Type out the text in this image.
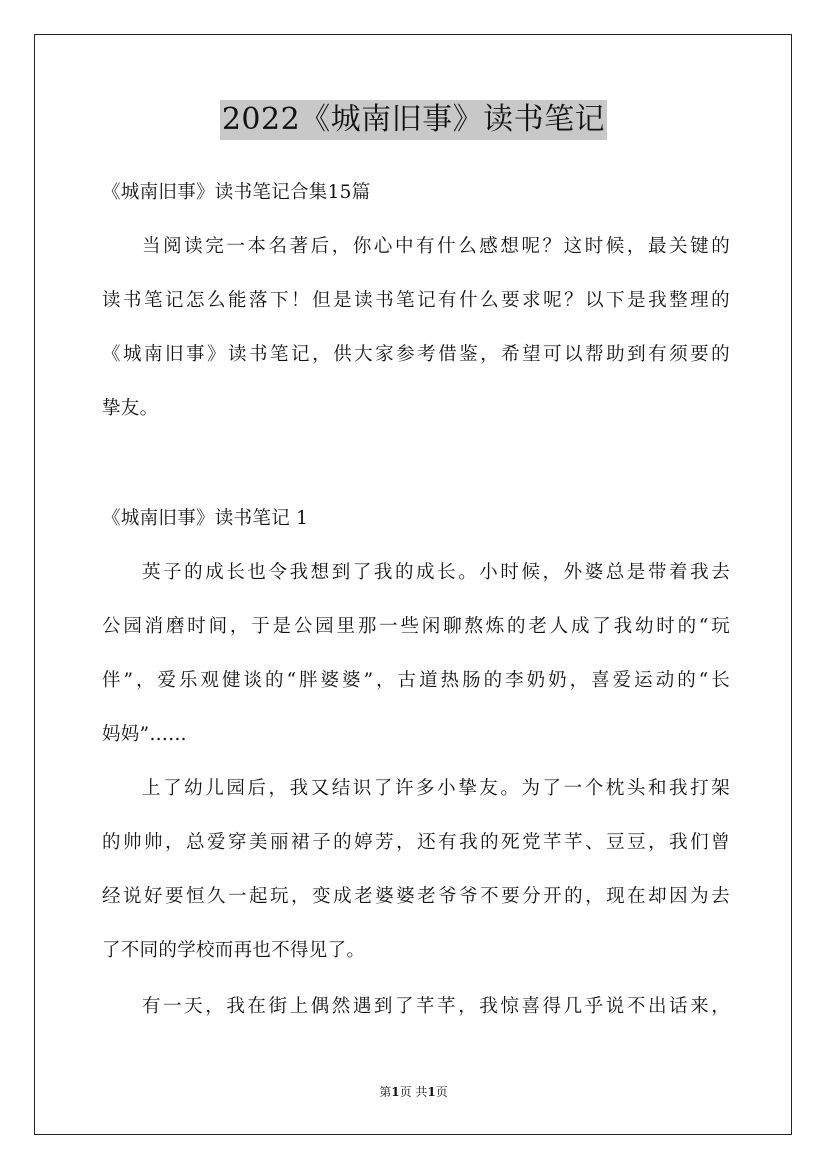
2022《城南旧事》读书笔记
《城南旧事》读书笔记合集15篇
当阅读完一本名著后，你心中有什么感想呢？这时候，最关键的
读书笔记怎么能落下！但是读书笔记有什么要求呢？以下是我整理的
《城南旧事》读书笔记，供大家参考借鉴，希望可以帮助到有须要的
挚友。
《城南旧事》读书笔记 1
英子的成长也令我想到了我的成长。小时候，外婆总是带着我去
公园消磨时间，于是公园里那一些闲聊熬炼的老人成了我幼时的“玩
伴”，爱乐观健谈的“胖婆婆”，古道热肠的李奶奶，喜爱运动的“长
妈妈”……
上了幼儿园后，我又结识了许多小挚友。为了一个枕头和我打架
的帅帅，总爱穿美丽裙子的婷芳，还有我的死党芊芊、豆豆，我们曾
经说好要恒久一起玩，变成老婆婆老爷爷不要分开的，现在却因为去
了不同的学校而再也不得见了。
有一天，我在街上偶然遇到了芊芊，我惊喜得几乎说不出话来，
第1页 共1页
